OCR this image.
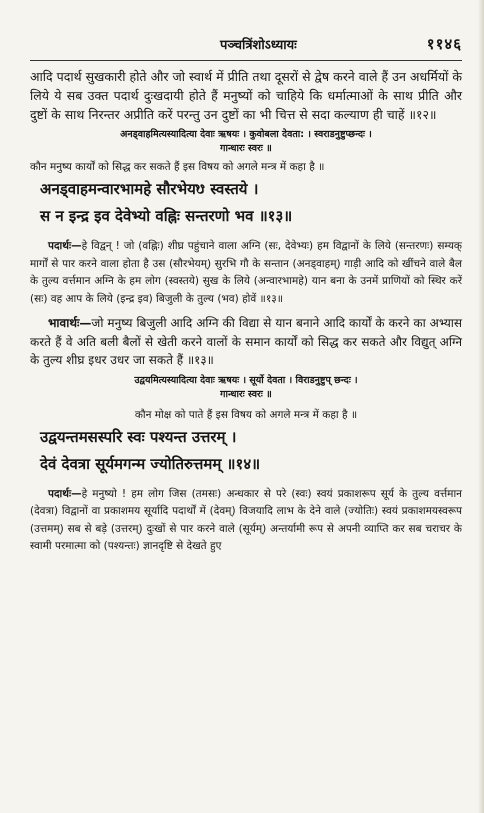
पञ्चत्रिंशोऽध्यायः	११४६

आदि पदार्थ सुखकारी होते और जो स्वार्थ में प्रीति तथा दूसरों से द्वेष करने वाले हैं उन अधर्मियों के लिये ये सब उक्त पदार्थ दुःखदायी होते हैं मनुष्यों को चाहिये कि धर्मात्माओं के साथ प्रीति और दुष्टों के साथ निरन्तर अप्रीति करें परन्तु उन दुष्टों का भी चित्त से सदा कल्याण ही चाहें ॥१२॥

अनड्वाहमित्यस्यादित्या देवाः ऋषयः । कुवोबला देवता: । स्वराडनुष्टुप्छन्दः ।

गान्धारः स्वरः ॥

कौन मनुष्य कार्यों को सिद्ध कर सकते हैं इस विषय को अगले मन्त्र में कहा है ॥

अनड्वाहमन्वारभामहे सौरभेयᳪ स्वस्तये ।

स न इन्द्र इव देवेभ्यो वह्निः सन्तरणो भव ॥१३॥

पदार्थः—हे विद्वन् ! जो (वह्निः) शीघ्र पहुंचाने वाला अग्नि (सः, देवेभ्यः) हम विद्वानों के लिये (सन्तरणः) सम्यक् मार्गों से पार करने वाला होता है उस (सौरभेयम्) सुरभि गौ के सन्तान (अनड्वाहम्) गाड़ी आदि को खींचने वाले बैल के तुल्य वर्त्तमान अग्नि के हम लोग (स्वस्तये) सुख के लिये (अन्वारभामहे) यान बना के उनमें प्राणियों को स्थिर करें (सः) वह आप के लिये (इन्द्र इव) बिजुली के तुल्य (भव) होवें ॥१३॥

भावार्थः—जो मनुष्य बिजुली आदि अग्नि की विद्या से यान बनाने आदि कार्यों के करने का अभ्यास करते हैं वे अति बली बैलों से खेती करने वालों के समान कार्यों को सिद्ध कर सकते और विद्युत् अग्नि के तुल्य शीघ्र इधर उधर जा सकते हैं ॥१३॥

उद्वयमित्यस्यादित्या देवाः ऋषयः । सूर्यो देवता । विराडनुष्टुप् छन्दः ।

गान्धारः स्वरः ॥

कौन मोक्ष को पाते हैं इस विषय को अगले मन्त्र में कहा है ॥

उद्वयन्तमसस्परि स्वः पश्यन्त उत्तरम् ।

देवं देवत्रा सूर्यमगन्म ज्योतिरुत्तमम् ॥१४॥

पदार्थः—हे मनुष्यो ! हम लोग जिस (तमसः) अन्धकार से परे (स्वः) स्वयं प्रकाशरूप सूर्य के तुल्य वर्त्तमान (देवत्रा) विद्वानों वा प्रकाशमय सूर्यादि पदार्थों में (देवम्) विजयादि लाभ के देने वाले (ज्योतिः) स्वयं प्रकाशमयस्वरूप (उत्तमम्) सब से बड़े (उत्तरम्) दुःखों से पार करने वाले (सूर्यम्) अन्तर्यामी रूप से अपनी व्याप्ति कर सब चराचर के स्वामी परमात्मा को (पश्यन्तः) ज्ञानदृष्टि से देखते हुए
